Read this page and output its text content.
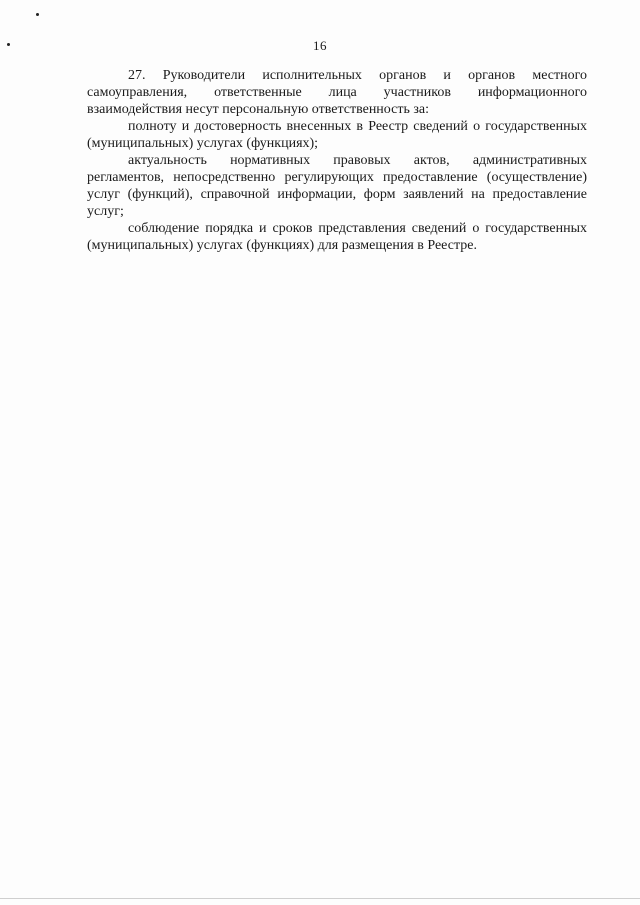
16

27. Руководители исполнительных органов и органов местного самоуправления, ответственные лица участников информационного взаимодействия несут персональную ответственность за:

полноту и достоверность внесенных в Реестр сведений о государственных (муниципальных) услугах (функциях);

актуальность нормативных правовых актов, административных регламентов, непосредственно регулирующих предоставление (осуществление) услуг (функций), справочной информации, форм заявлений на предоставление услуг;

соблюдение порядка и сроков представления сведений о государственных (муниципальных) услугах (функциях) для размещения в Реестре.
